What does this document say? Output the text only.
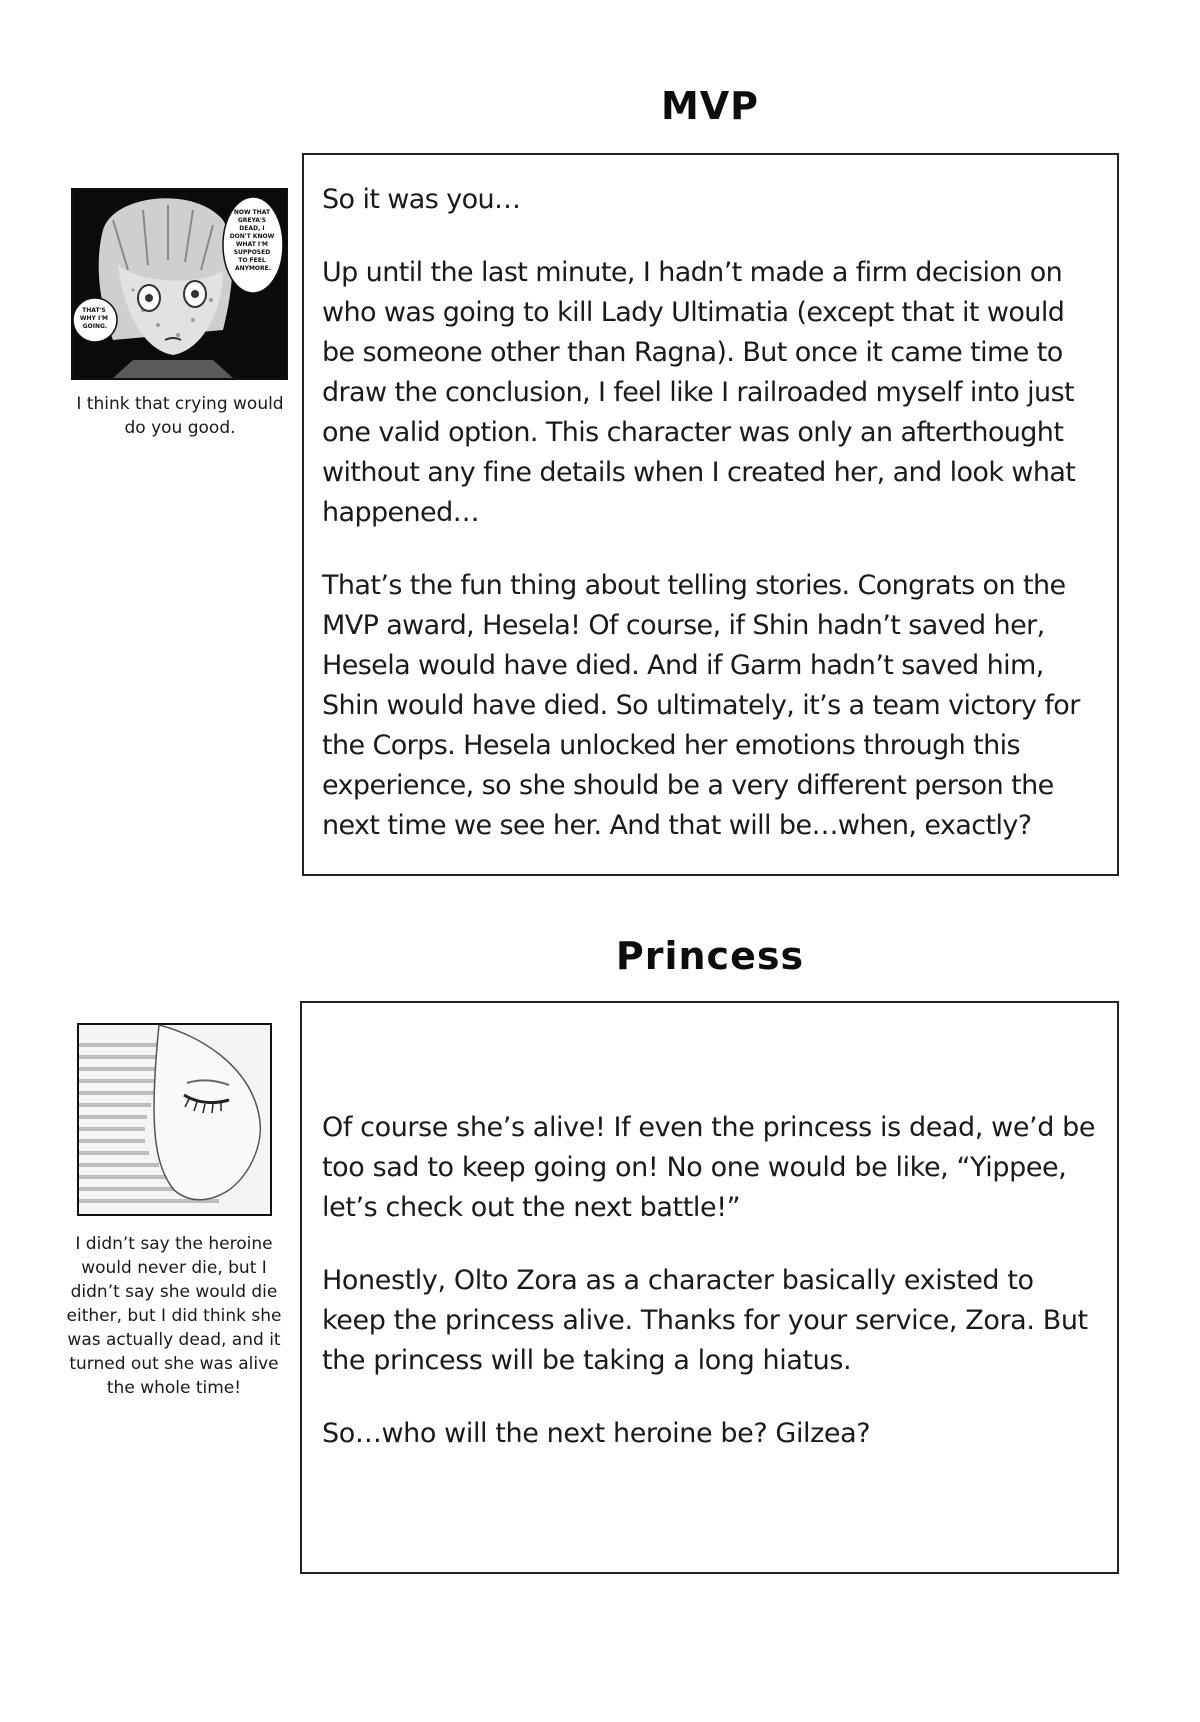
MVP
NOW THAT GREYA'S DEAD, I DON'T KNOW WHAT I'M SUPPOSED TO FEEL ANYMORE.
THAT'S WHY I'M GOING.
I think that crying would do you good.

So it was you…

Up until the last minute, I hadn’t made a firm decision on who was going to kill Lady Ultimatia (except that it would be someone other than Ragna). But once it came time to draw the conclusion, I feel like I railroaded myself into just one valid option. This character was only an afterthought without any fine details when I created her, and look what happened…

That’s the fun thing about telling stories. Congrats on the MVP award, Hesela! Of course, if Shin hadn’t saved her, Hesela would have died. And if Garm hadn’t saved him, Shin would have died. So ultimately, it’s a team victory for the Corps. Hesela unlocked her emotions through this experience, so she should be a very different person the next time we see her. And that will be…when, exactly?

Princess
I didn’t say the heroine would never die, but I didn’t say she would die either, but I did think she was actually dead, and it turned out she was alive the whole time!

Of course she’s alive! If even the princess is dead, we’d be too sad to keep going on! No one would be like, “Yippee, let’s check out the next battle!”

Honestly, Olto Zora as a character basically existed to keep the princess alive. Thanks for your service, Zora. But the princess will be taking a long hiatus.

So…who will the next heroine be? Gilzea?
